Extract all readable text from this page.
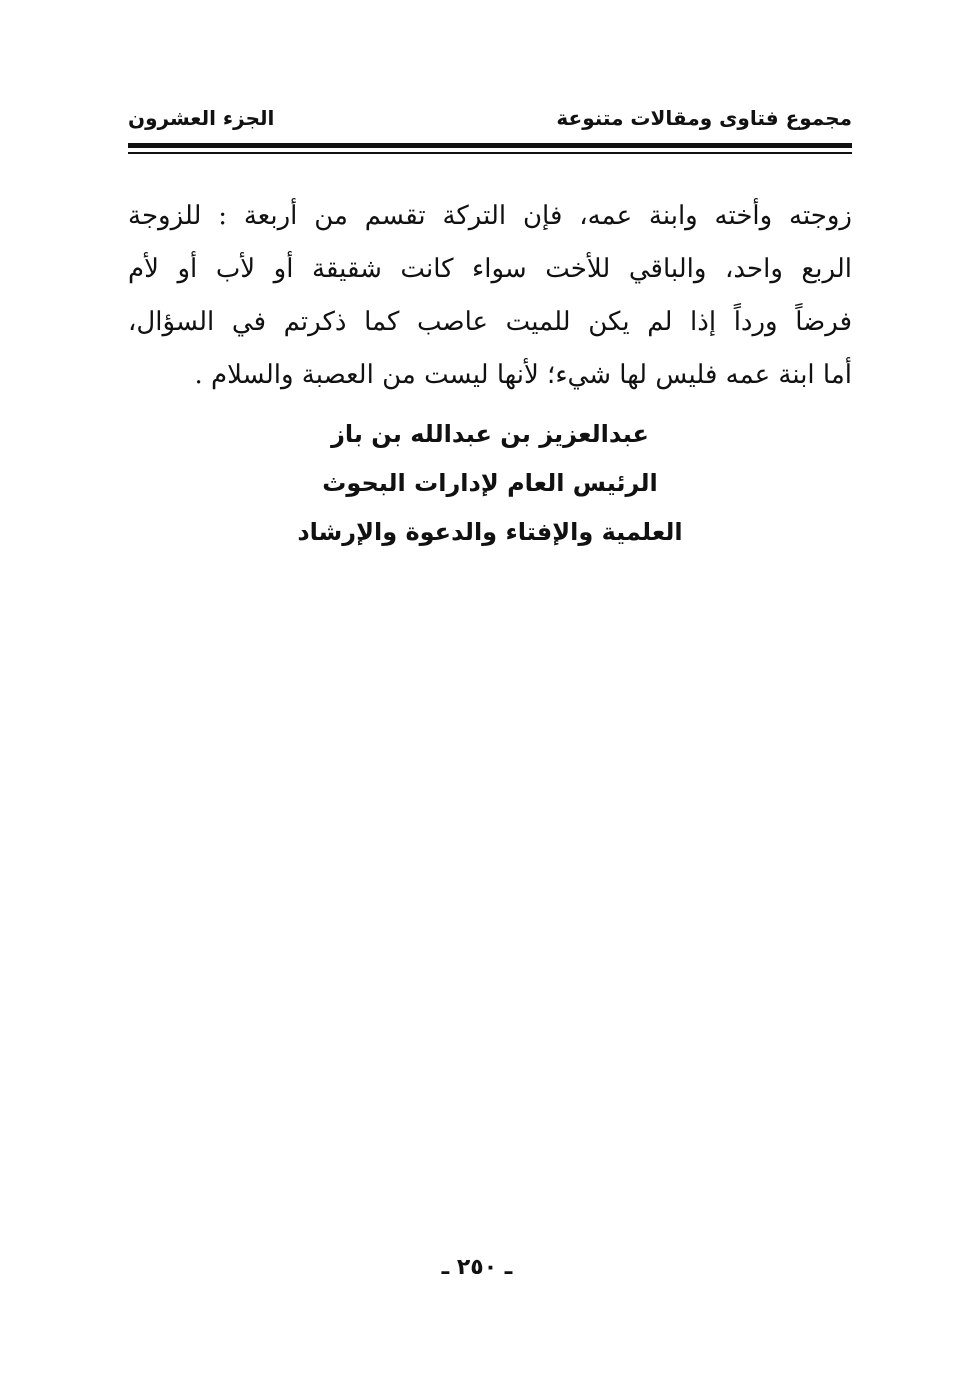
مجموع فتاوى ومقالات متنوعة
الجزء العشرون
زوجته وأخته وابنة عمه، فإن التركة تقسم من أربعة : للزوجة
الربع واحد، والباقي للأخت سواء كانت شقيقة أو لأب أو لأم
فرضاً ورداً إذا لم يكن للميت عاصب كما ذكرتم في السؤال،
أما ابنة عمه فليس لها شيء؛ لأنها ليست من العصبة والسلام .
عبدالعزيز بن عبدالله بن باز
الرئيس العام لإدارات البحوث
العلمية والإفتاء والدعوة والإرشاد
ـ ٢٥٠ ـ
